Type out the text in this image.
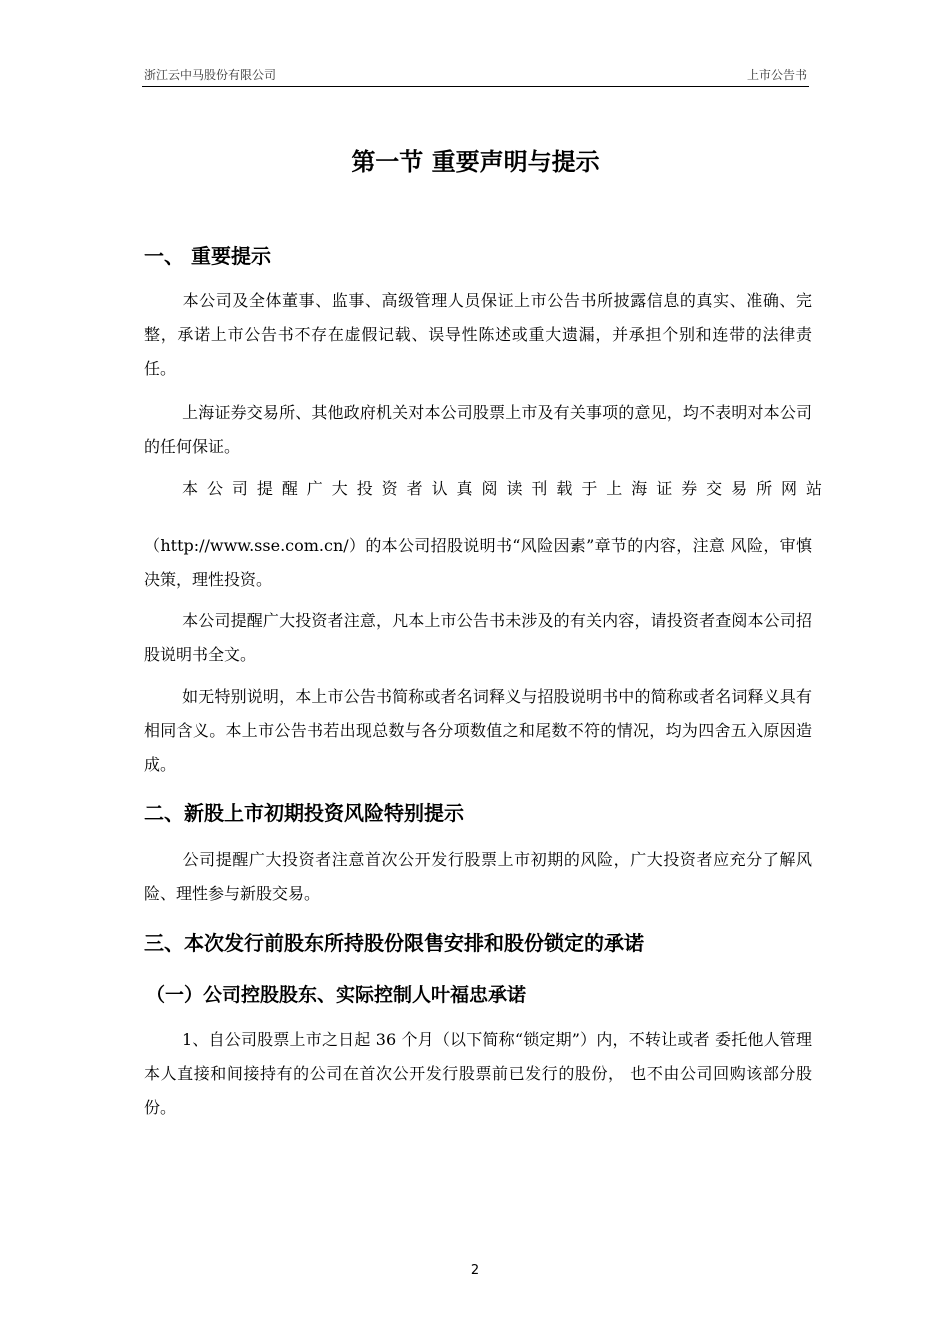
浙江云中马股份有限公司	上市公告书
第一节 重要声明与提示
一、 重要提示
本公司及全体董事、监事、高级管理人员保证上市公告书所披露信息的真实、准确、完整，承诺上市公告书不存在虚假记载、误导性陈述或重大遗漏，并承担个别和连带的法律责任。
上海证券交易所、其他政府机关对本公司股票上市及有关事项的意见，均不表明对本公司的任何保证。
本公司提醒广大投资者认真阅读刊载于上海证券交易所网站
（http://www.sse.com.cn/）的本公司招股说明书“风险因素”章节的内容，注意 风险，审慎决策，理性投资。
本公司提醒广大投资者注意，凡本上市公告书未涉及的有关内容，请投资者查阅本公司招股说明书全文。
如无特别说明，本上市公告书简称或者名词释义与招股说明书中的简称或者名词释义具有相同含义。本上市公告书若出现总数与各分项数值之和尾数不符的情况，均为四舍五入原因造成。
二、新股上市初期投资风险特别提示
公司提醒广大投资者注意首次公开发行股票上市初期的风险，广大投资者应充分了解风险、理性参与新股交易。
三、本次发行前股东所持股份限售安排和股份锁定的承诺
（一）公司控股股东、实际控制人叶福忠承诺
1、自公司股票上市之日起 36 个月（以下简称“锁定期”）内，不转让或者 委托他人管理本人直接和间接持有的公司在首次公开发行股票前已发行的股份， 也不由公司回购该部分股份。
2
